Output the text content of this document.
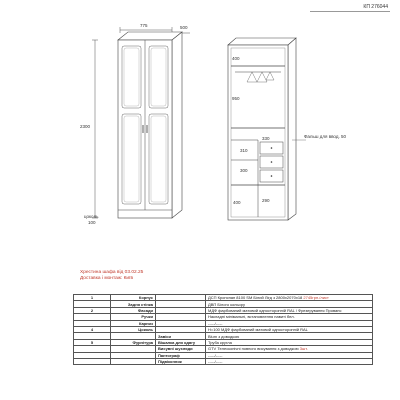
КП 276044
775	500
2300
цоколь
100
400
950
330
310
300
290
400
Фальш для ввод. 50
Хрестина шафа від 03.02.25
Доставка і монтаж: Київ
1	Корпус		ДСП Кронспан 8100 SM Білий Лігд з 2800х2070х18 2745грн./лист
	Задня стінка		ДВП Білого кольору
2	Фасади		МДФ фарбований матовий односторонній RAL / Фрезерування Прованс
	Ручки		Накладні мінімальні, встановлення навиті бел.
	Карниз		-----/-----
4	Цоколь		Н=100 МДФ фарбований матовий односторонній RAL
		Завіси	Blum з доводкою
5	Фурнітура	Вішалка для одягу	Труба кругла
		Висувні шухляди	GTV Телескопічні повного висування з доводкою 3шт.
		Пантограф	-----/-----
		Підвіконник	-----/-----
